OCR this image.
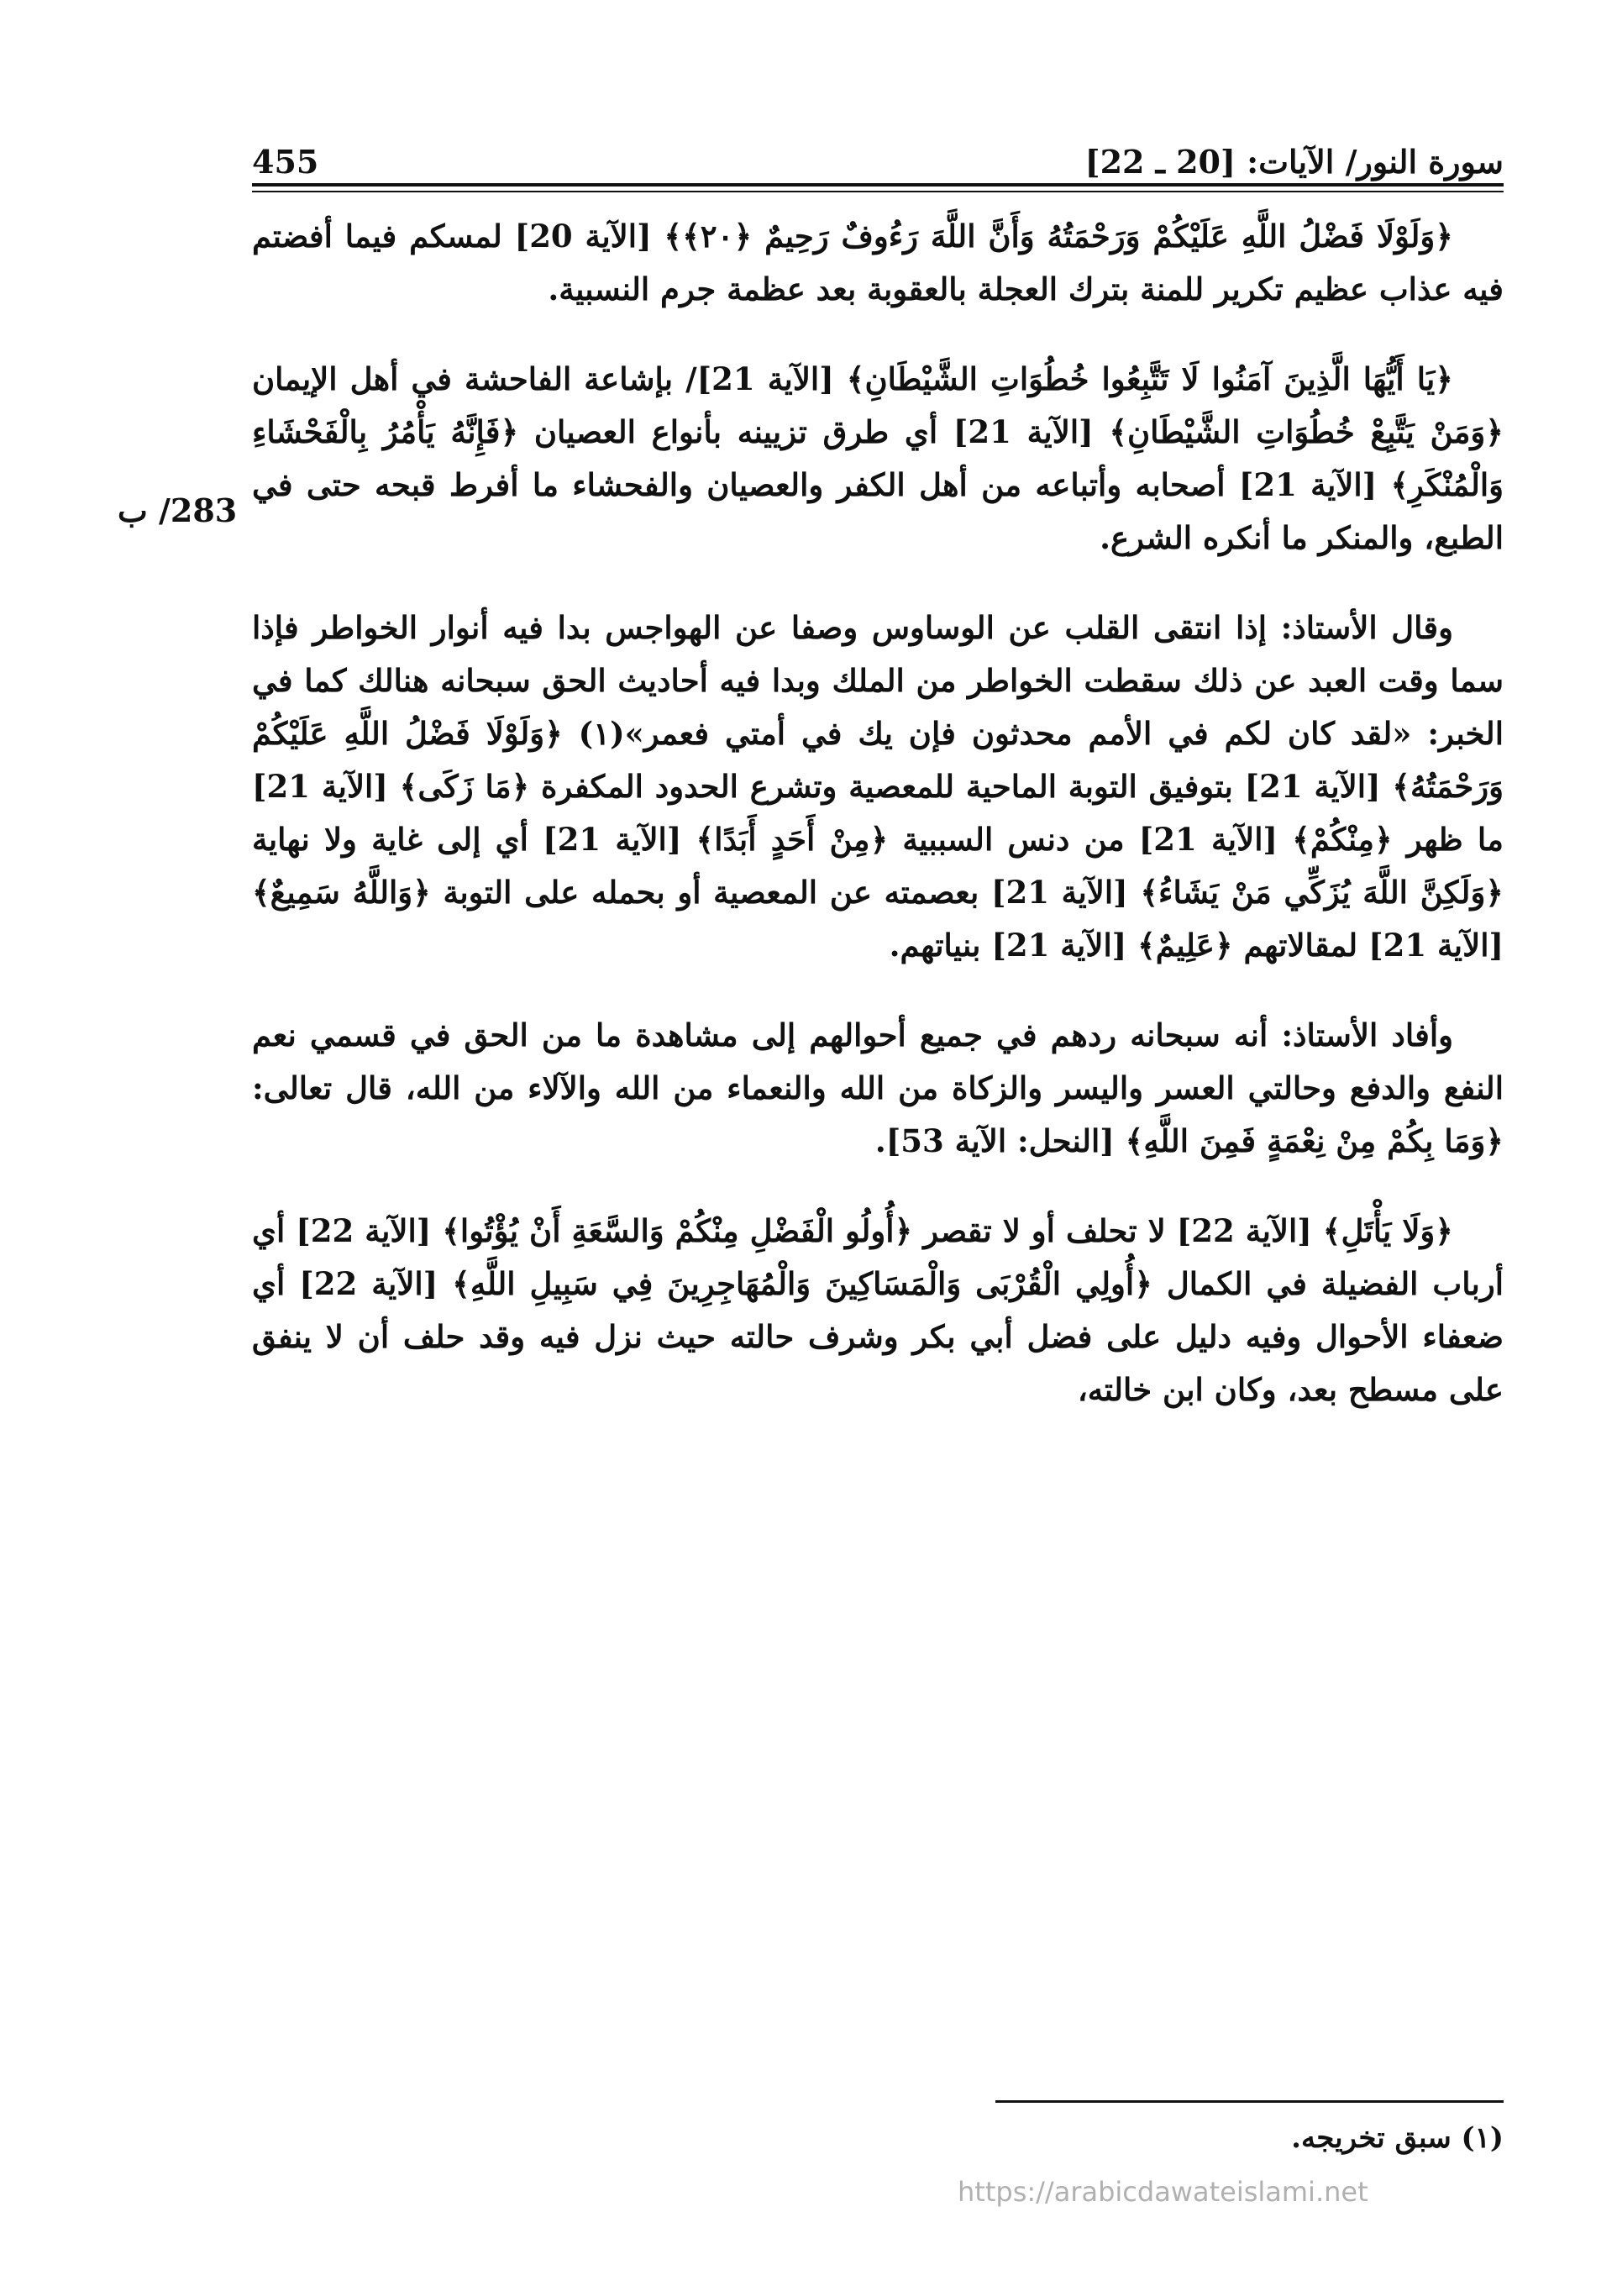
سورة النور/ الآيات: [20 ـ 22]
455
283/ ب

﴿وَلَوْلَا فَضْلُ اللَّهِ عَلَيْكُمْ وَرَحْمَتُهُ وَأَنَّ اللَّهَ رَءُوفٌ رَحِيمٌ ﴿٢٠﴾﴾ [الآية 20] لمسكم فيما أفضتم فيه عذاب عظيم تكرير للمنة بترك العجلة بالعقوبة بعد عظمة جرم النسبية.

﴿يَا أَيُّهَا الَّذِينَ آمَنُوا لَا تَتَّبِعُوا خُطُوَاتِ الشَّيْطَانِ﴾ [الآية 21]/ بإشاعة الفاحشة في أهل الإيمان ﴿وَمَنْ يَتَّبِعْ خُطُوَاتِ الشَّيْطَانِ﴾ [الآية 21] أي طرق تزيينه بأنواع العصيان ﴿فَإِنَّهُ يَأْمُرُ بِالْفَحْشَاءِ وَالْمُنْكَرِ﴾ [الآية 21] أصحابه وأتباعه من أهل الكفر والعصيان والفحشاء ما أفرط قبحه حتى في الطبع، والمنكر ما أنكره الشرع.

وقال الأستاذ: إذا انتقى القلب عن الوساوس وصفا عن الهواجس بدا فيه أنوار الخواطر فإذا سما وقت العبد عن ذلك سقطت الخواطر من الملك وبدا فيه أحاديث الحق سبحانه هنالك كما في الخبر: «لقد كان لكم في الأمم محدثون فإن يك في أمتي فعمر»(١) ﴿وَلَوْلَا فَضْلُ اللَّهِ عَلَيْكُمْ وَرَحْمَتُهُ﴾ [الآية 21] بتوفيق التوبة الماحية للمعصية وتشرع الحدود المكفرة ﴿مَا زَكَى﴾ [الآية 21] ما ظهر ﴿مِنْكُمْ﴾ [الآية 21] من دنس السببية ﴿مِنْ أَحَدٍ أَبَدًا﴾ [الآية 21] أي إلى غاية ولا نهاية ﴿وَلَكِنَّ اللَّهَ يُزَكِّي مَنْ يَشَاءُ﴾ [الآية 21] بعصمته عن المعصية أو بحمله على التوبة ﴿وَاللَّهُ سَمِيعٌ﴾ [الآية 21] لمقالاتهم ﴿عَلِيمٌ﴾ [الآية 21] بنياتهم.

وأفاد الأستاذ: أنه سبحانه ردهم في جميع أحوالهم إلى مشاهدة ما من الحق في قسمي نعم النفع والدفع وحالتي العسر واليسر والزكاة من الله والنعماء من الله والآلاء من الله، قال تعالى: ﴿وَمَا بِكُمْ مِنْ نِعْمَةٍ فَمِنَ اللَّهِ﴾ [النحل: الآية 53].

﴿وَلَا يَأْتَلِ﴾ [الآية 22] لا تحلف أو لا تقصر ﴿أُولُو الْفَضْلِ مِنْكُمْ وَالسَّعَةِ أَنْ يُؤْتُوا﴾ [الآية 22] أي أرباب الفضيلة في الكمال ﴿أُولِي الْقُرْبَى وَالْمَسَاكِينَ وَالْمُهَاجِرِينَ فِي سَبِيلِ اللَّهِ﴾ [الآية 22] أي ضعفاء الأحوال وفيه دليل على فضل أبي بكر وشرف حالته حيث نزل فيه وقد حلف أن لا ينفق على مسطح بعد، وكان ابن خالته،

(١) سبق تخريجه.
https://arabicdawateislami.net
